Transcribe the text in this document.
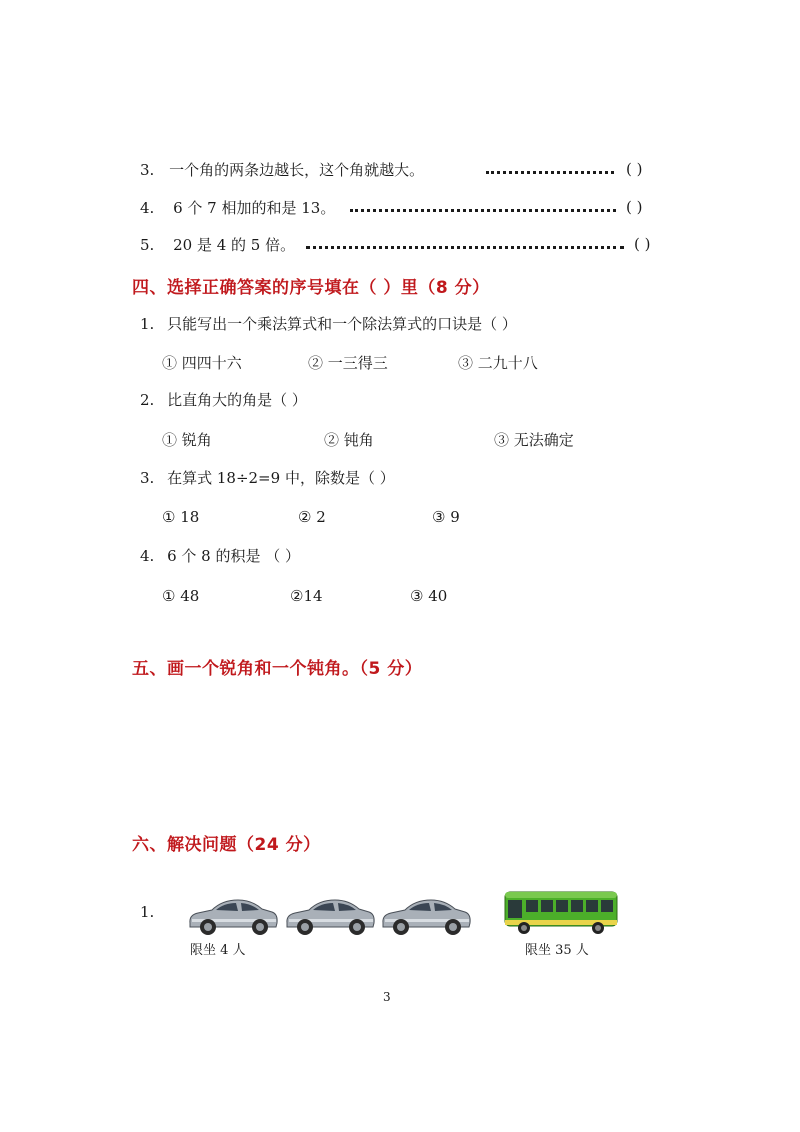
3. 一个角的两条边越长，这个角就越大。	( )
4. 6 个 7 相加的和是 13。	( )
5. 20 是 4 的 5 倍。	( )
四、选择正确答案的序号填在（ ）里（8 分）
1. 只能写出一个乘法算式和一个除法算式的口诀是（ ）
① 四四十六	② 一三得三	③ 二九十八
2. 比直角大的角是（ ）
① 锐角	② 钝角	③ 无法确定
3. 在算式 18÷2=9 中，除数是（ ）
① 18	② 2	③ 9
4. 6 个 8 的积是 （ ）
① 48	②14	③ 40
五、画一个锐角和一个钝角。（5 分）
六、解决问题（24 分）
1.
限坐 4 人	限坐 35 人
3
